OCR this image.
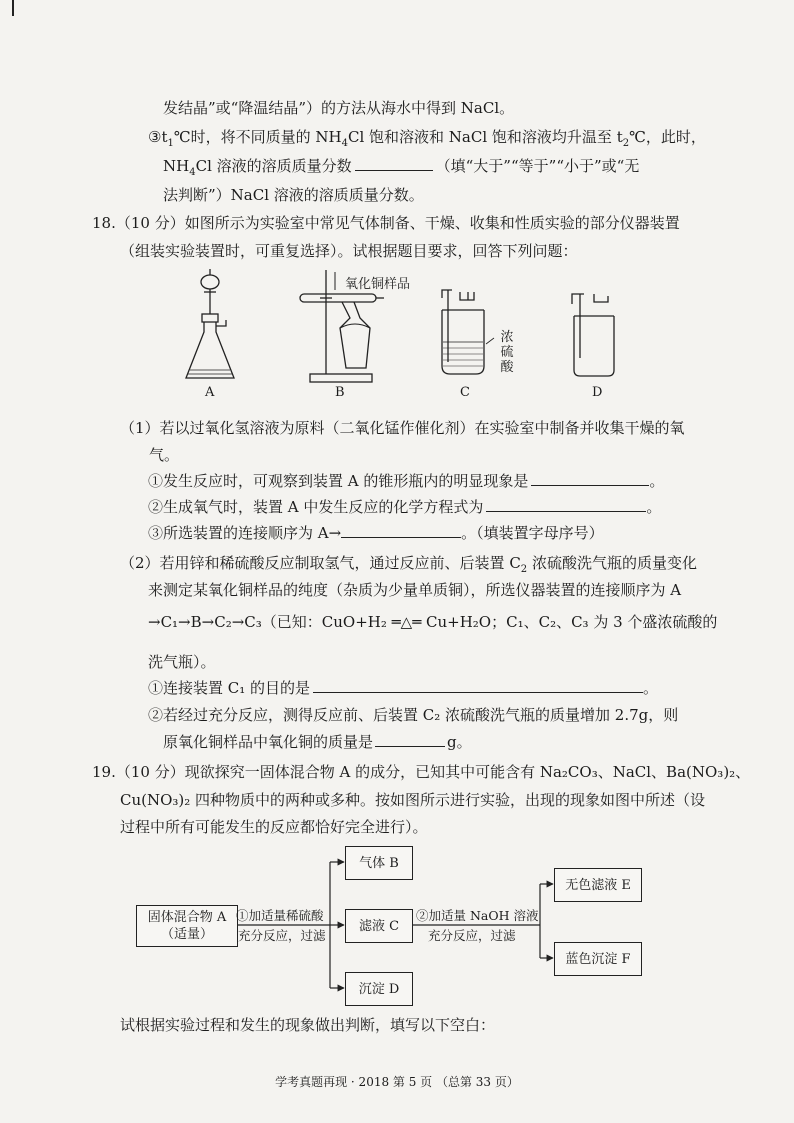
发结晶”或“降温结晶”）的方法从海水中得到 NaCl。
$③t_1℃$时，将不同质量的 $NH_4Cl$ 饱和溶液和 NaCl 饱和溶液均升温至 $t_2℃$，此时，
$NH_4Cl$ 溶液的溶质质量分数	（填“大于”“等于”“小于”或“无
法判断”）NaCl 溶液的溶质质量分数。
18.（10 分）如图所示为实验室中常见气体制备、干燥、收集和性质实验的部分仪器装置
（组装实验装置时，可重复选择）。试根据题目要求，回答下列问题：
氧化铜样品
浓硫酸
A	B	C	D
（1）若以过氧化氢溶液为原料（二氧化锰作催化剂）在实验室中制备并收集干燥的氧
气。
①发生反应时，可观察到装置 A 的锥形瓶内的明显现象是	。
②生成氧气时，装置 A 中发生反应的化学方程式为	。
③所选装置的连接顺序为 A→	。（填装置字母序号）
（2）若用锌和稀硫酸反应制取氢气，通过反应前、后装置 $C_2$ 浓硫酸洗气瓶的质量变化
来测定某氧化铜样品的纯度（杂质为少量单质铜），所选仪器装置的连接顺序为 A
→C₁→B→C₂→C₃（已知：CuO+H₂ ═△═ Cu+H₂O；C₁、C₂、C₃ 为 3 个盛浓硫酸的
洗气瓶）。
①连接装置 C₁ 的目的是	。
②若经过充分反应，测得反应前、后装置 C₂ 浓硫酸洗气瓶的质量增加 2.7g，则
原氧化铜样品中氧化铜的质量是	g。
19.（10 分）现欲探究一固体混合物 A 的成分，已知其中可能含有 Na₂CO₃、NaCl、Ba(NO₃)₂、
Cu(NO₃)₂ 四种物质中的两种或多种。按如图所示进行实验，出现的现象如图中所述（设
过程中所有可能发生的反应都恰好完全进行）。
固体混合物 A
（适量）
①加适量稀硫酸
充分反应，过滤
气体 B
滤液 C
沉淀 D
②加适量 NaOH 溶液
充分反应，过滤
无色滤液 E
蓝色沉淀 F
试根据实验过程和发生的现象做出判断，填写以下空白：
学考真题再现 · 2018 第 5 页 （总第 33 页）
